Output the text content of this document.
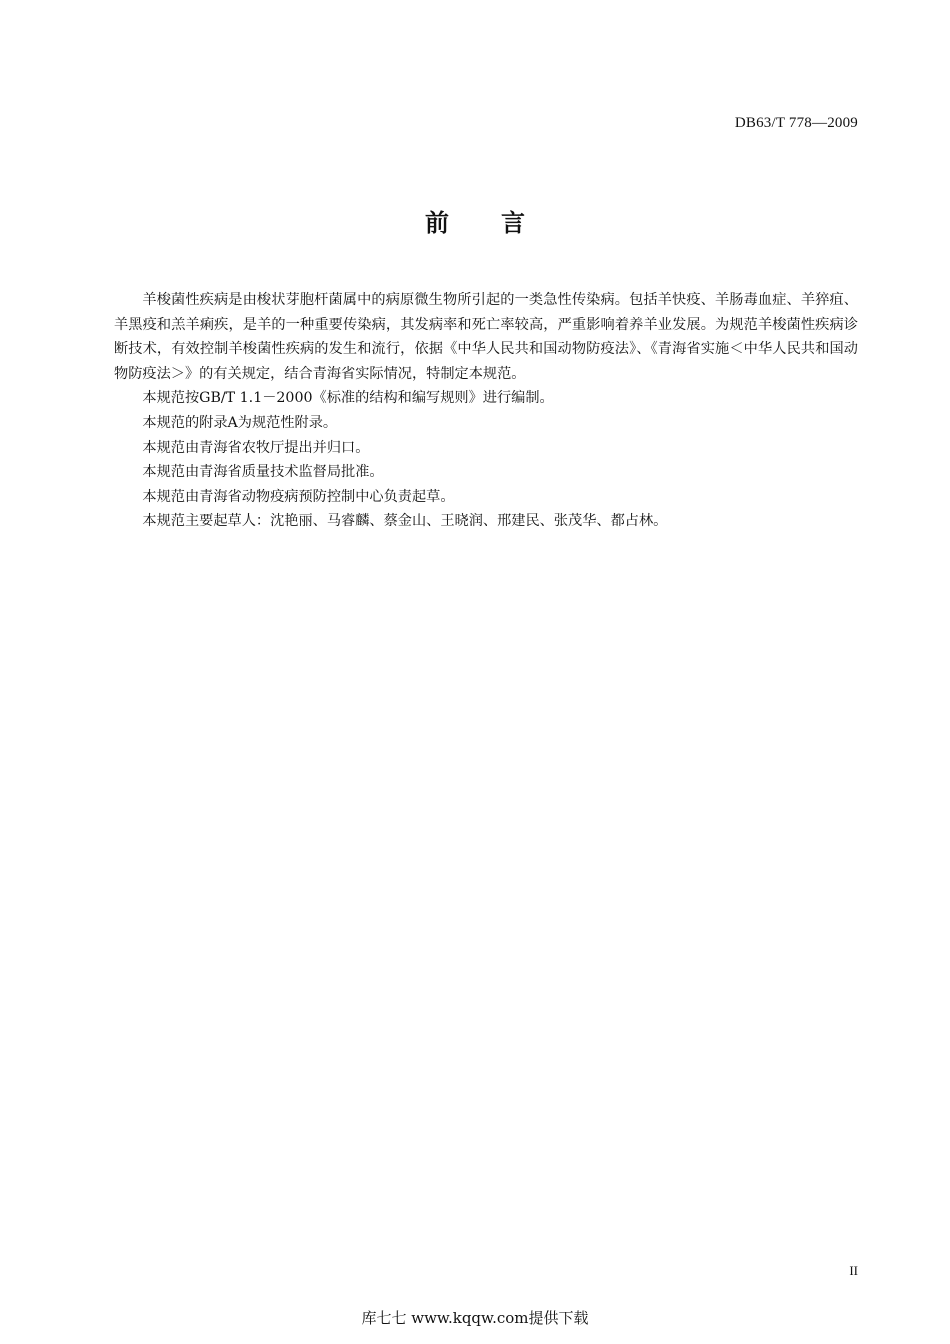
DB63/T 778—2009
前言

羊梭菌性疾病是由梭状芽胞杆菌属中的病原微生物所引起的一类急性传染病。包括羊快疫、羊肠毒血症、羊猝疽、羊黑疫和羔羊痢疾，是羊的一种重要传染病，其发病率和死亡率较高，严重影响着养羊业发展。为规范羊梭菌性疾病诊断技术，有效控制羊梭菌性疾病的发生和流行，依据《中华人民共和国动物防疫法》、《青海省实施＜中华人民共和国动物防疫法＞》的有关规定，结合青海省实际情况，特制定本规范。

本规范按GB/T 1.1－2000《标准的结构和编写规则》进行编制。

本规范的附录A为规范性附录。

本规范由青海省农牧厅提出并归口。

本规范由青海省质量技术监督局批准。

本规范由青海省动物疫病预防控制中心负责起草。

本规范主要起草人：沈艳丽、马睿麟、蔡金山、王晓润、邢建民、张茂华、都占林。

II
库七七 www.kqqw.com提供下载
